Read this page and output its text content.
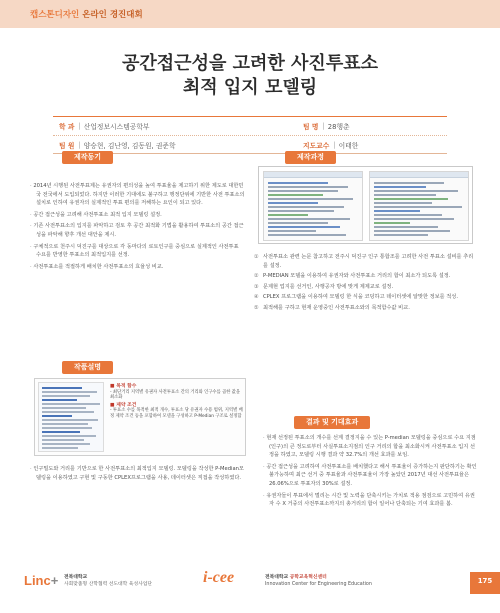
캡스톤디자인 온라인 경진대회
공간접근성을 고려한 사진투표소
최적 입지 모델링
학 과 | 산업정보시스템공학부	팀 명 | 28행춘
팀 원 | 양승현, 김난영, 김동원, 권준학	지도교수 | 이태한
제작동기	제작과정
작품설명
결과 및 기대효과
· 2014년 시행된 사전투표제는 유권자의 편의성을 높여 투표율을 제고하기 위한 제도로 대한민국 전국에서 도입되었다. 하지만 이러한 기대에도 불구하고 행정단위에 기반한 사전 투표소의 설치로 인하여 유권자의 실제적인 투표 편의를 저해하는 요인이 되고 있다.
· 공간 접근성을 고려해 사전투표소 최적 입지 모델링 설정.
· 기존 사전투표소의 입지를 파악하고 검토 후 공간 최적화 기법을 활용하여 투표소의 공간 접근성을 파악해 향후 개선 대안을 제시.
· 구체적으로 천주시 덕진구를 대상으로 각 동마다의 로토인구를 중심으로 실제적인 사전투표 수요를 반영한 투표소의 최적입지를 선정.
· 사전투표소를 적절하게 배치한 사전투표소의 효율성 비교.
① 사전투표소 관련 논문 참고하고 전주시 덕진구 인구 통합조를 고려한 사전 투표소 설비를 추리를 설정.
② P-MEDIAN 모델을 이용하여 유권자와 사전투표소 거리의 합이 최소가 되도록 설정.
③ 문제현 업지를 선거인, 사행공자 방에 맞게 제제교로 설정.
④ CPLEX 프로그램을 이용하여 모델링 한 식을 코딩하고 데이터셋에 알맞한 정보를 적성.
⑤ 최적해를 구하고 현재 운영중인 사전투표소와의 목적함수값 비교.
■ 목적 함수
- 최단거리 지역별 유권자 사전투표소 간의 거리와 인구수를 곱한 값을 최소화
■ 제약 조건
- 투표소 수를 목적한 최적 개수, 투표소 당 유권자 수용 범위, 지역별 배정 제약 조건 등을 포함하여 모델을 구성하고 P-Median 구조로 설정함
· 인구밀도와 거리를 기반으로 한 사전투표소의 최적입지 모델링. 모델링을 작성한 P-Median모델링을 이용하였고 구현 및 구동한 CPLEX프로그램을 사용, 데이터셋은 직접을 작성하였다.
· 현재 선정된 투표소의 개수를 선계 결정지을 수 있는 P-median 모델링을 중심으로 수요 지점(인구)의 큰 정도로부터 사실투표소지점의 인구 거리의 합을 최소화시켜 사전투표소 입지 선정을 하였고, 모델링 시행 결과 약 32.7%의 개선 효과를 보임.
· 공간 접근성을 고려하여 사전투표소를 배치했다고 해서 투표율이 증가하는지 판단하기는 확인 불가능하며 최근 선거 중 투표율과 사전투표율이 가장 높았던 2017년 대선 사전투표율은 26.06%으로 투표자의 30%로 설정.
· 유권자들이 투표에서 멀리는 시간 및 노력을 단축시키는 가치로 적용 점검으로 고민하여 유권자 수 X 거중의 사전투표소까지의 총거리의 합이 일어나 단축되는 기여 효과를 봄.
Linc+ 전북대학교
사회맞춤형 산학협력 선도대학 육성사업단	i-cee	전북대학교 공학교육혁신센터
Innovation Center for Engineering Education	175
